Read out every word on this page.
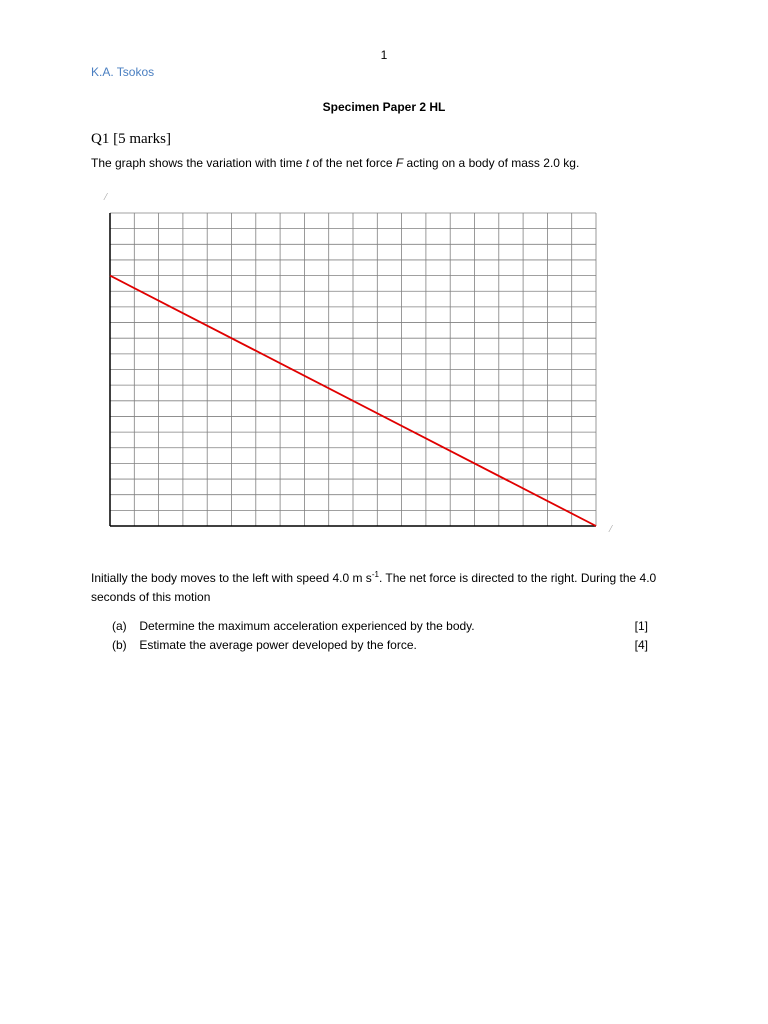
1
K.A. Tsokos
Specimen Paper 2 HL
Q1 [5 marks]
The graph shows the variation with time t of the net force F acting on a body of mass 2.0 kg.
/
/
Initially the body moves to the left with speed 4.0 m $s^{-1}$. The net force is directed to the right. During the 4.0 seconds of this motion
(a) Determine the maximum acceleration experienced by the body.	[1]
(b) Estimate the average power developed by the force.	[4]
